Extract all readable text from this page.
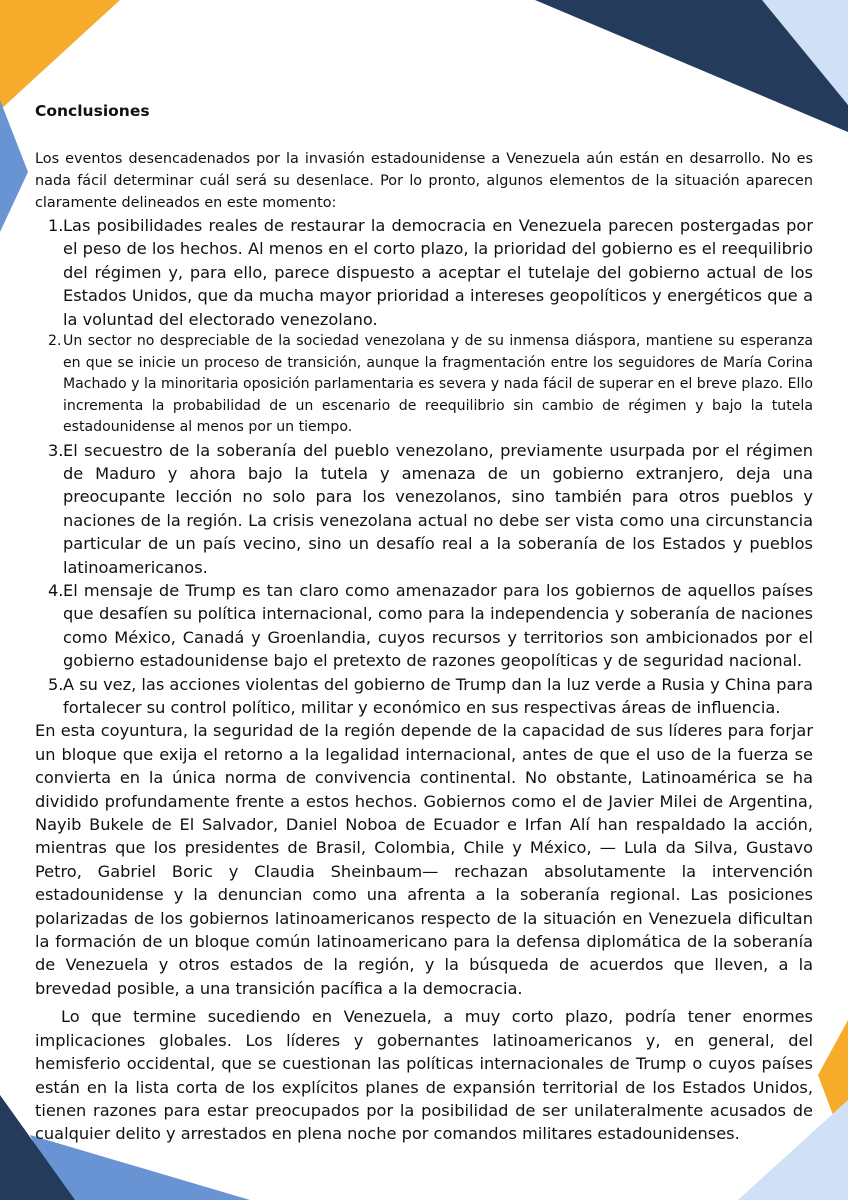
Conclusiones

Los eventos desencadenados por la invasión estadounidense a Venezuela aún están en desarrollo. No es nada fácil determinar cuál será su desenlace. Por lo pronto, algunos elementos de la situación aparecen claramente delineados en este momento:

1. Las posibilidades reales de restaurar la democracia en Venezuela parecen postergadas por el peso de los hechos. Al menos en el corto plazo, la prioridad del gobierno es el reequilibrio del régimen y, para ello, parece dispuesto a aceptar el tutelaje del gobierno actual de los Estados Unidos, que da mucha mayor prioridad a intereses geopolíticos y energéticos que a la voluntad del electorado venezolano.
2. Un sector no despreciable de la sociedad venezolana y de su inmensa diáspora, mantiene su esperanza en que se inicie un proceso de transición, aunque la fragmentación entre los seguidores de María Corina Machado y la minoritaria oposición parlamentaria es severa y nada fácil de superar en el breve plazo. Ello incrementa la probabilidad de un escenario de reequilibrio sin cambio de régimen y bajo la tutela estadounidense al menos por un tiempo.
3. El secuestro de la soberanía del pueblo venezolano, previamente usurpada por el régimen de Maduro y ahora bajo la tutela y amenaza de un gobierno extranjero, deja una preocupante lección no solo para los venezolanos, sino también para otros pueblos y naciones de la región. La crisis venezolana actual no debe ser vista como una circunstancia particular de un país vecino, sino un desafío real a la soberanía de los Estados y pueblos latinoamericanos.
4. El mensaje de Trump es tan claro como amenazador para los gobiernos de aquellos países que desafíen su política internacional, como para la independencia y soberanía de naciones como México, Canadá y Groenlandia, cuyos recursos y territorios son ambicionados por el gobierno estadounidense bajo el pretexto de razones geopolíticas y de seguridad nacional.
5. A su vez, las acciones violentas del gobierno de Trump dan la luz verde a Rusia y China para fortalecer su control político, militar y económico en sus respectivas áreas de influencia.

En esta coyuntura, la seguridad de la región depende de la capacidad de sus líderes para forjar un bloque que exija el retorno a la legalidad internacional, antes de que el uso de la fuerza se convierta en la única norma de convivencia continental. No obstante, Latinoamérica se ha dividido profundamente frente a estos hechos. Gobiernos como el de Javier Milei de Argentina, Nayib Bukele de El Salvador, Daniel Noboa de Ecuador e Irfan Alí han respaldado la acción, mientras que los presidentes de Brasil, Colombia, Chile y México, — Lula da Silva, Gustavo Petro, Gabriel Boric y Claudia Sheinbaum— rechazan absolutamente la intervención estadounidense y la denuncian como una afrenta a la soberanía regional. Las posiciones polarizadas de los gobiernos latinoamericanos respecto de la situación en Venezuela dificultan la formación de un bloque común latinoamericano para la defensa diplomática de la soberanía de Venezuela y otros estados de la región, y la búsqueda de acuerdos que lleven, a la brevedad posible, a una transición pacífica a la democracia.

Lo que termine sucediendo en Venezuela, a muy corto plazo, podría tener enormes implicaciones globales. Los líderes y gobernantes latinoamericanos y, en general, del hemisferio occidental, que se cuestionan las políticas internacionales de Trump o cuyos países están en la lista corta de los explícitos planes de expansión territorial de los Estados Unidos, tienen razones para estar preocupados por la posibilidad de ser unilateralmente acusados de cualquier delito y arrestados en plena noche por comandos militares estadounidenses.
